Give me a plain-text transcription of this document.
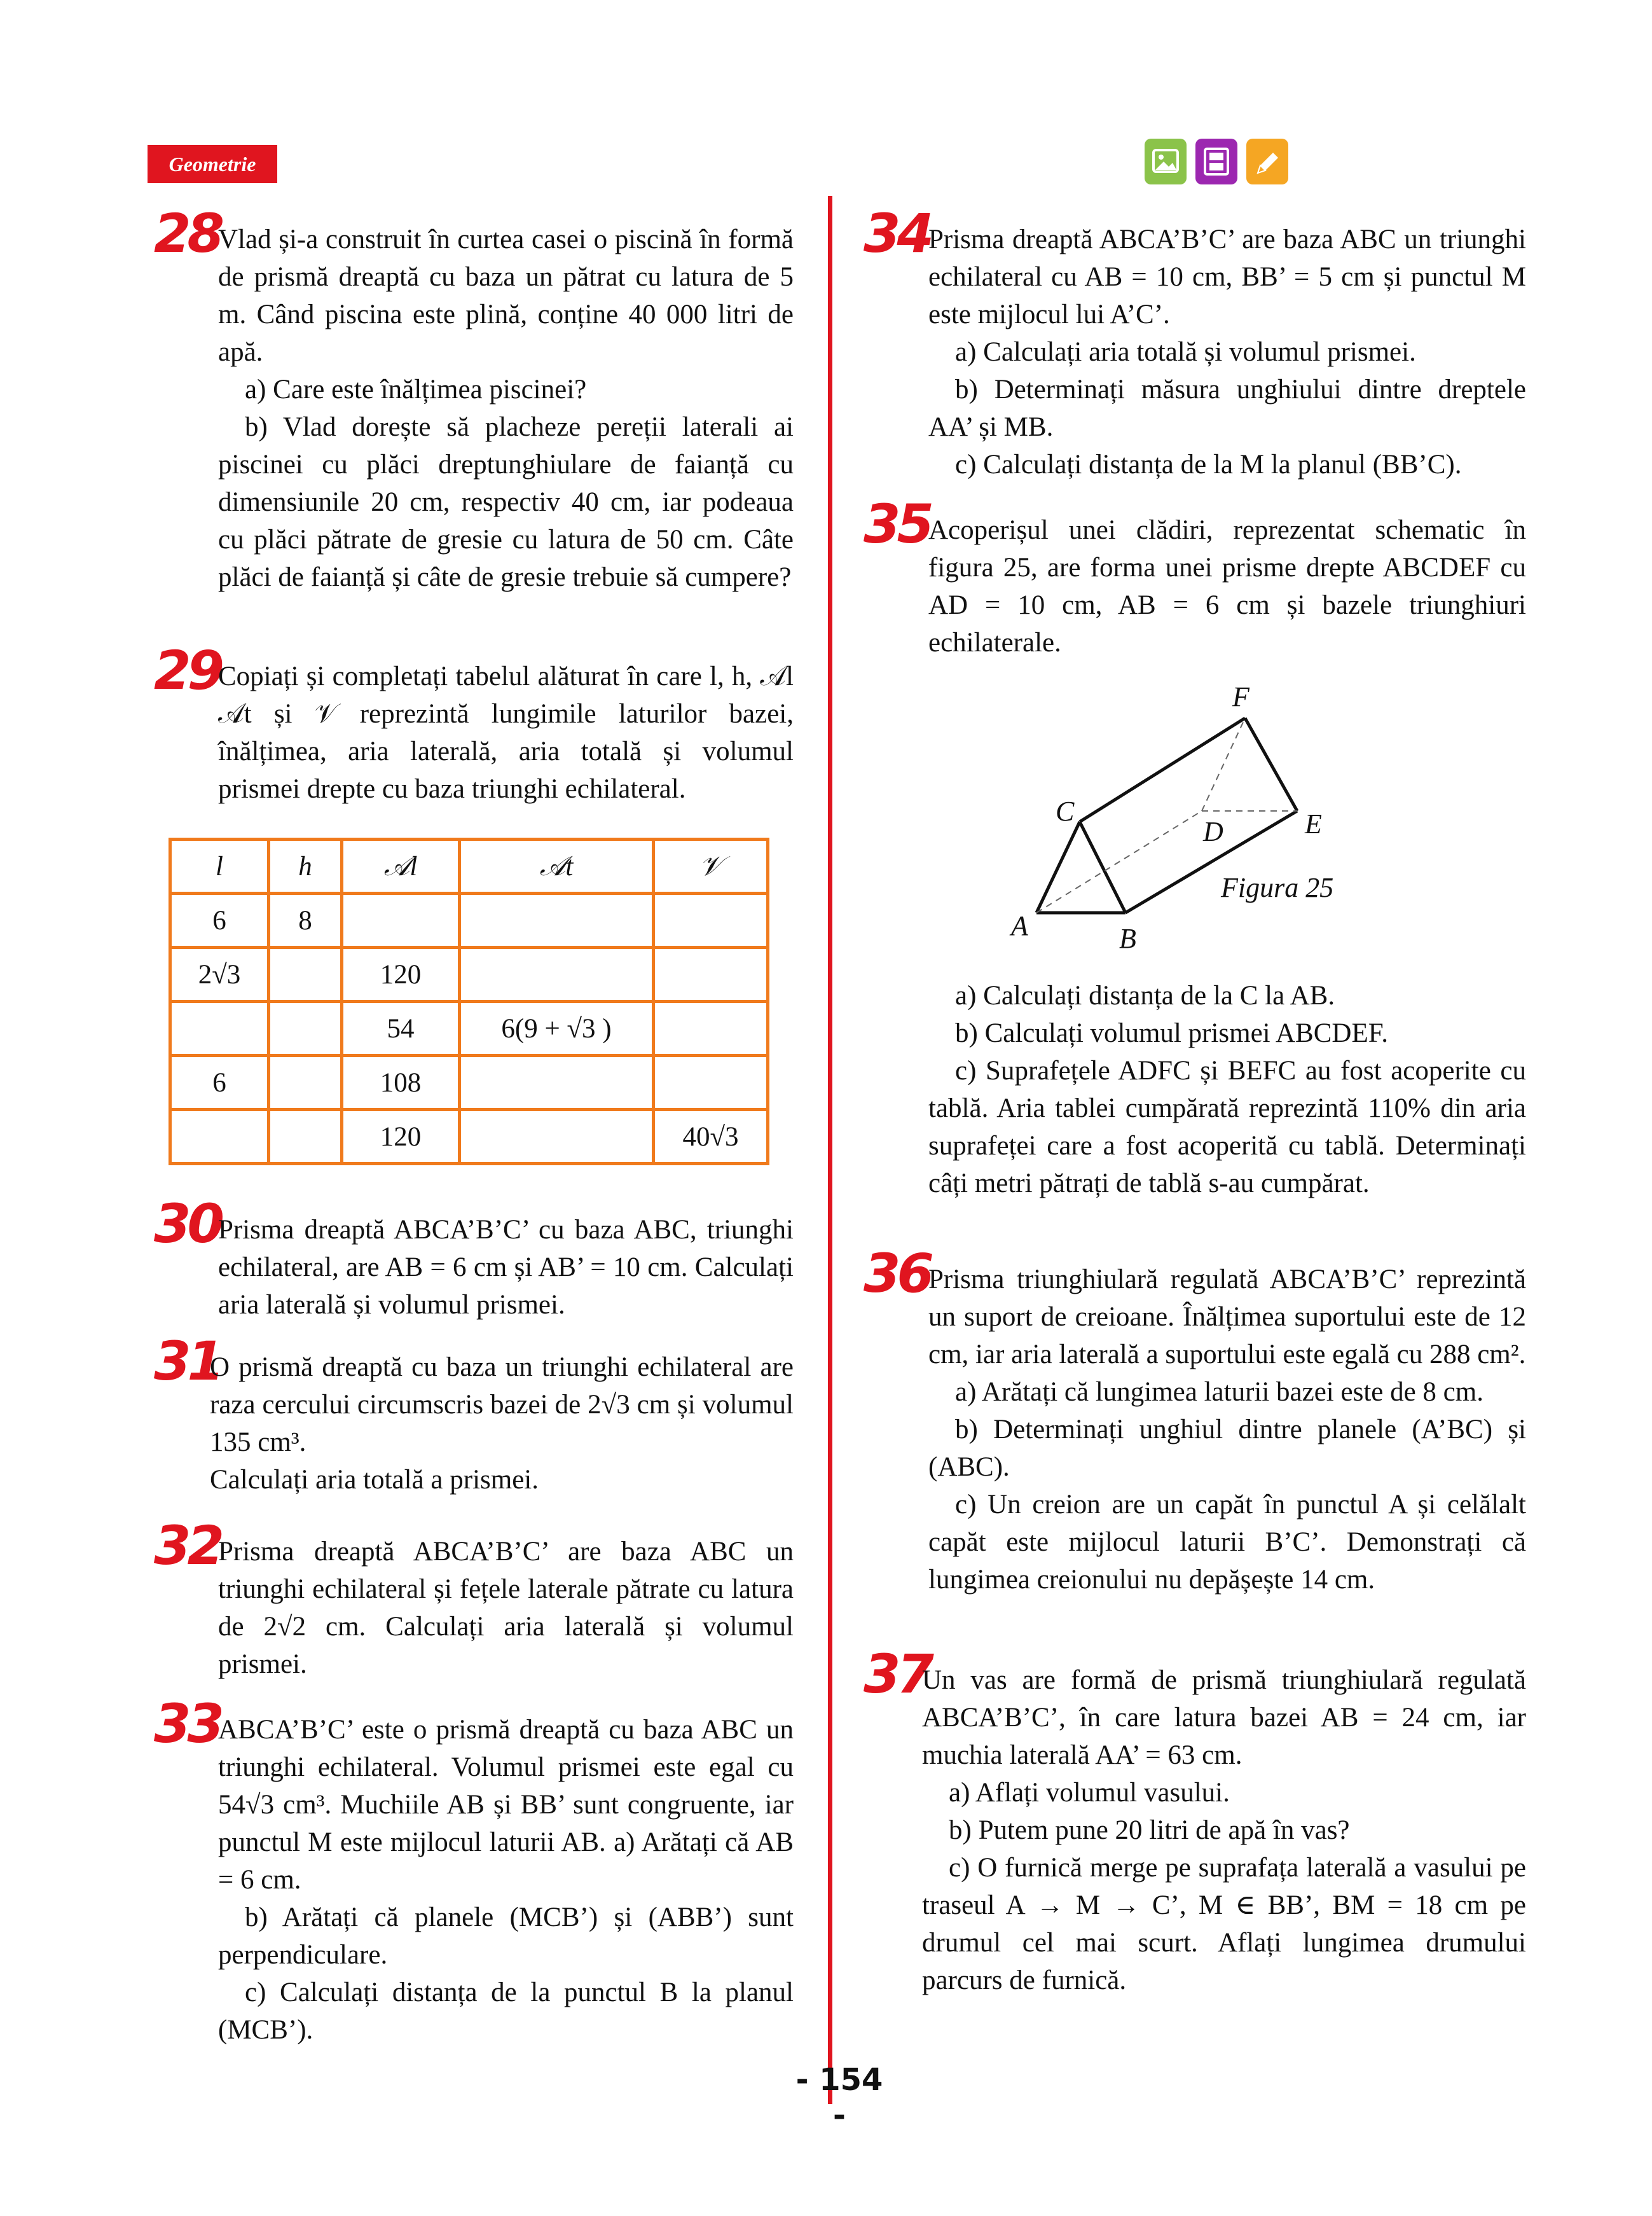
Geometrie
28

Vlad și-a construit în curtea casei o piscină în formă de prismă dreaptă cu baza un pătrat cu latura de 5 m. Când piscina este plină, conține 40 000 litri de apă.

a) Care este înălțimea piscinei?

b) Vlad dorește să placheze pereții laterali ai piscinei cu plăci dreptunghiulare de faianță cu dimensiunile 20 cm, respectiv 40 cm, iar podeaua cu plăci pătrate de gresie cu latura de 50 cm. Câte plăci de faianță și câte de gresie trebuie să cumpere?

29

Copiați și completați tabelul alăturat în care l, h, 𝒜l 𝒜t și 𝒱 reprezintă lungimile laturilor bazei, înălțimea, aria laterală, aria totală și volumul prismei drepte cu baza triunghi echilateral.

l	h	𝒜l	𝒜t	𝒱
6	8			
2√3		120		
		54	6(9 + √3 )	
6		108		
		120		40√3
30

Prisma dreaptă ABCA’B’C’ cu baza ABC, triunghi echilateral, are AB = 6 cm și AB’ = 10 cm. Calculați aria laterală și volumul prismei.

31

O prismă dreaptă cu baza un triunghi echilateral are raza cercului circumscris bazei de 2√3 cm și volumul 135 cm³.

Calculați aria totală a prismei.

32

Prisma dreaptă ABCA’B’C’ are baza ABC un triunghi echilateral și fețele laterale pătrate cu latura de 2√2 cm. Calculați aria laterală și volumul prismei.

33

ABCA’B’C’ este o prismă dreaptă cu baza ABC un triunghi echilateral. Volumul prismei este egal cu 54√3 cm³. Muchiile AB și BB’ sunt congruente, iar punctul M este mijlocul laturii AB. a) Arătați că AB = 6 cm.

b) Arătați că planele (MCB’) și (ABB’) sunt perpendiculare.

c) Calculați distanța de la punctul B la planul (MCB’).

34

Prisma dreaptă ABCA’B’C’ are baza ABC un triunghi echilateral cu AB = 10 cm, BB’ = 5 cm și punctul M este mijlocul lui A’C’.

a) Calculați aria totală și volumul prismei.

b) Determinați măsura unghiului dintre dreptele AA’ și MB.

c) Calculați distanța de la M la planul (BB’C).

35

Acoperișul unei clădiri, reprezentat schematic în figura 25, are forma unei prisme drepte ABCDEF cu AD = 10 cm, AB = 6 cm și bazele triunghiuri echilaterale.

A	B
C
D	E
F
Figura 25

a) Calculați distanța de la C la AB.

b) Calculați volumul prismei ABCDEF.

c) Suprafețele ADFC și BEFC au fost acoperite cu tablă. Aria tablei cumpărată reprezintă 110% din aria suprafeței care a fost acoperită cu tablă. Determinați câți metri pătrați de tablă s-au cumpărat.

36

Prisma triunghiulară regulată ABCA’B’C’ reprezintă un suport de creioane. Înălțimea suportului este de 12 cm, iar aria laterală a suportului este egală cu 288 cm².

a) Arătați că lungimea laturii bazei este de 8 cm.

b) Determinați unghiul dintre planele (A’BC) și (ABC).

c) Un creion are un capăt în punctul A și celălalt capăt este mijlocul laturii B’C’. Demonstrați că lungimea creionului nu depășește 14 cm.

37

Un vas are formă de prismă triunghiulară regulată ABCA’B’C’, în care latura bazei AB = 24 cm, iar muchia laterală AA’ = 63 cm.

a) Aflați volumul vasului.

b) Putem pune 20 litri de apă în vas?

c) O furnică merge pe suprafața laterală a vasului pe traseul A → M → C’, M ∈ BB’, BM = 18 cm pe drumul cel mai scurt. Aflați lungimea drumului parcurs de furnică.

- 154 -
